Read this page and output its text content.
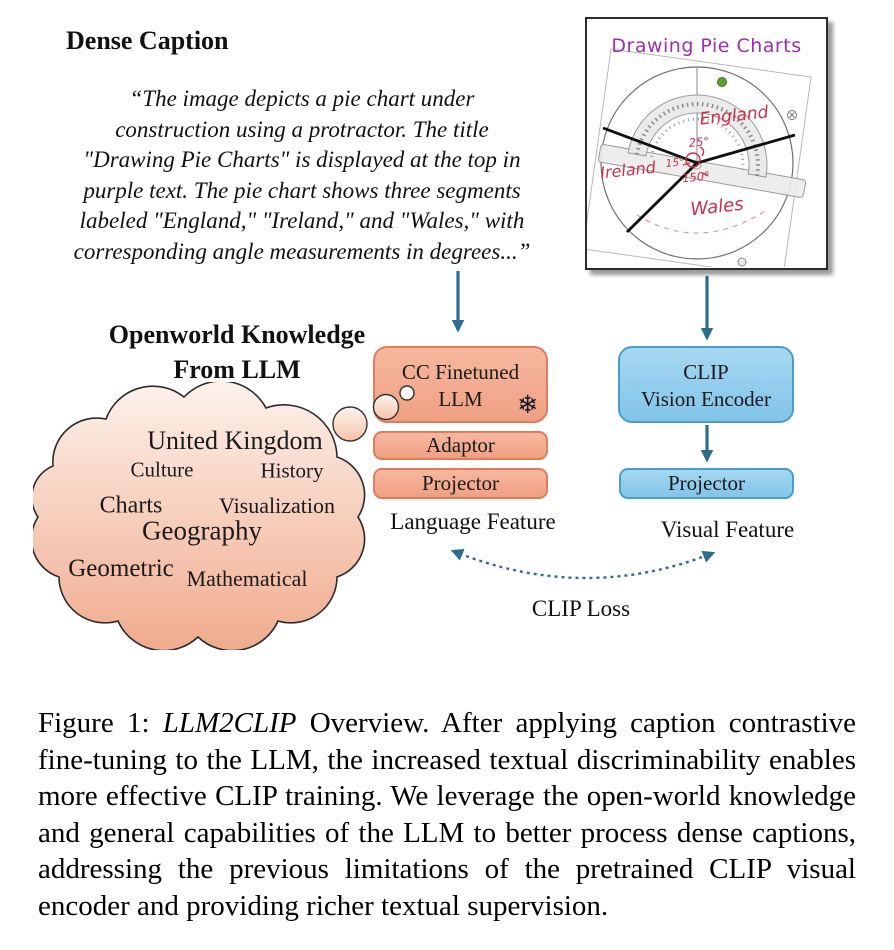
Dense Caption
“The image depicts a pie chart under
construction using a protractor. The title
"Drawing Pie Charts" is displayed at the top in
purple text. The pie chart shows three segments
labeled "England," "Ireland," and "Wales," with
corresponding angle measurements in degrees...”
Drawing Pie Charts
England
Ireland
Wales
25°
15°
150°
Openworld Knowledge
From LLM
United Kingdom
Culture	History
Charts	Visualization
Geography
Geometric Mathematical
CC Finetuned
LLM	❄
Adaptor
Projector
Language Feature
CLIP
Vision Encoder
Projector
Visual Feature
CLIP Loss

Figure 1: LLM2CLIP Overview. After applying caption contrastive fine-tuning to the LLM, the increased textual discriminability enables more effective CLIP training. We leverage the open-world knowledge and general capabilities of the LLM to better process dense captions, addressing the previous limitations of the pretrained CLIP visual encoder and providing richer textual supervision.
